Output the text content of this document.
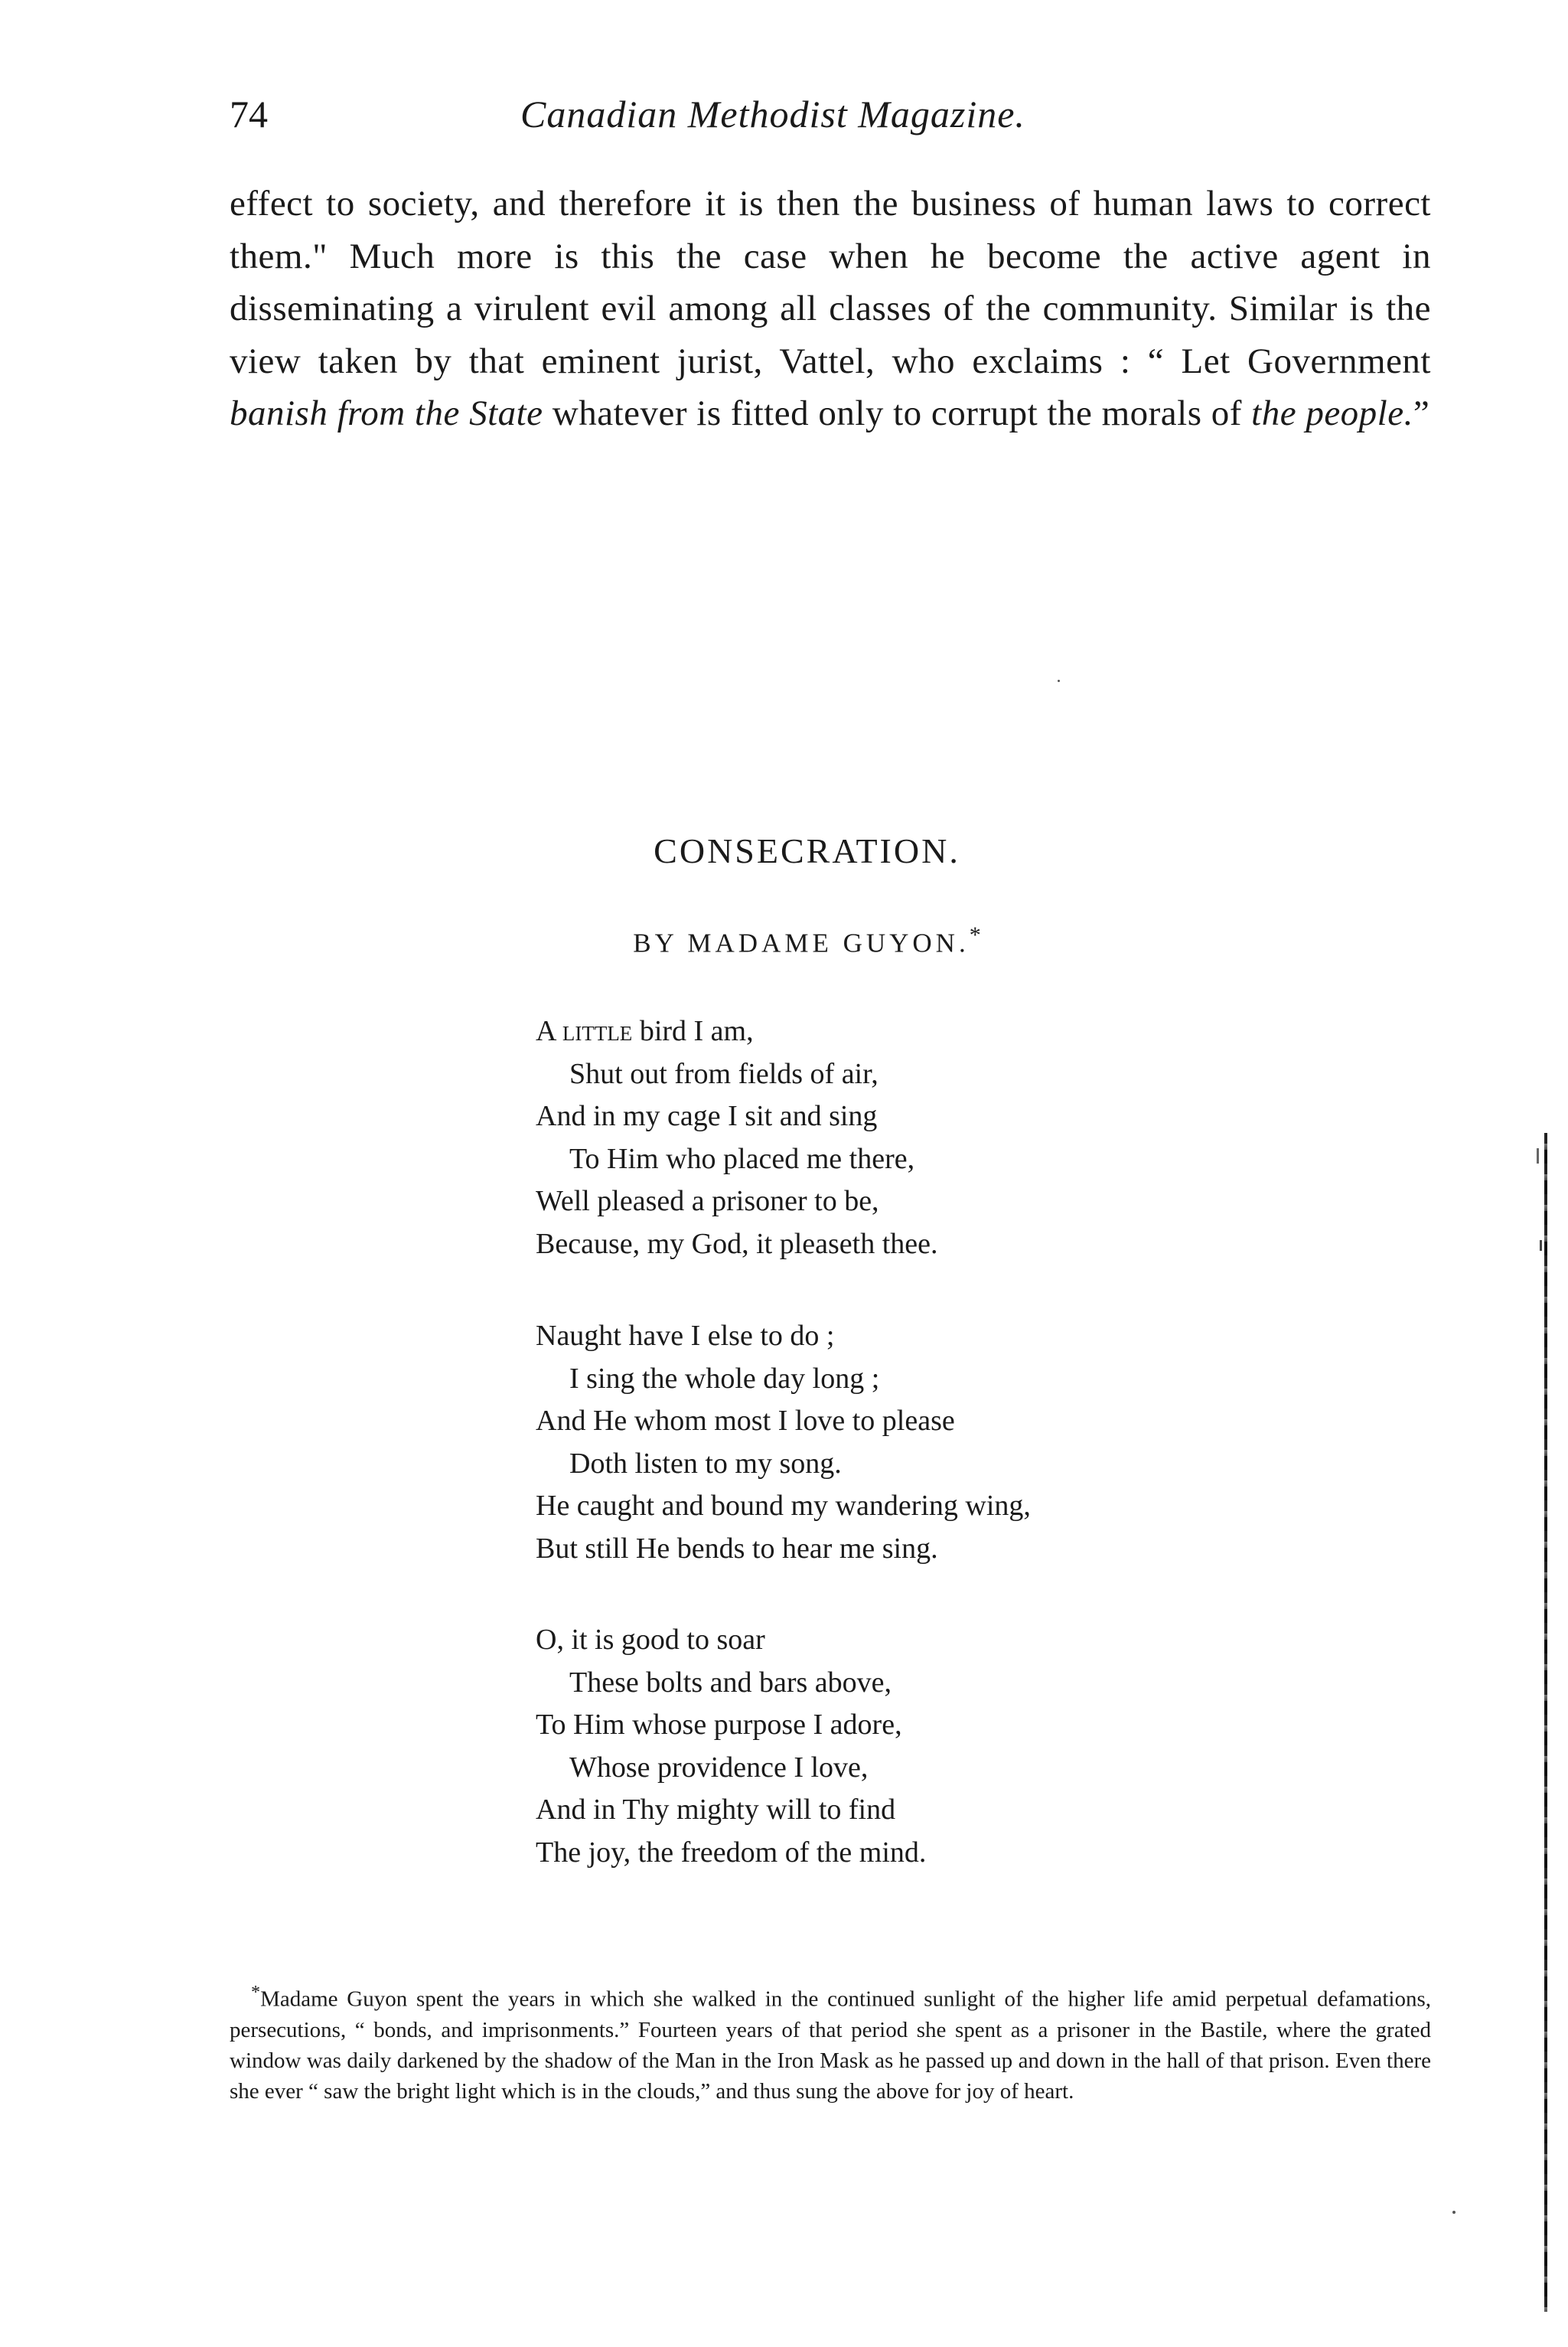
74	Canadian Methodist Magazine.

effect to society, and therefore it is then the business of human laws to correct them." Much more is this the case when he become the active agent in disseminating a virulent evil among all classes of the community. Similar is the view taken by that eminent jurist, Vattel, who exclaims : “ Let Government banish from the State whatever is fitted only to corrupt the morals of the people.”

CONSECRATION.
BY MADAME GUYON.*
A little bird I am,
Shut out from fields of air,
And in my cage I sit and sing
To Him who placed me there,
Well pleased a prisoner to be,
Because, my God, it pleaseth thee.
Naught have I else to do ;
I sing the whole day long ;
And He whom most I love to please
Doth listen to my song.
He caught and bound my wandering wing,
But still He bends to hear me sing.
O, it is good to soar
These bolts and bars above,
To Him whose purpose I adore,
Whose providence I love,
And in Thy mighty will to find
The joy, the freedom of the mind.

*Madame Guyon spent the years in which she walked in the continued sunlight of the higher life amid perpetual defamations, persecutions, “ bonds, and imprisonments.” Fourteen years of that period she spent as a prisoner in the Bastile, where the grated window was daily darkened by the shadow of the Man in the Iron Mask as he passed up and down in the hall of that prison. Even there she ever “ saw the bright light which is in the clouds,” and thus sung the above for joy of heart.
